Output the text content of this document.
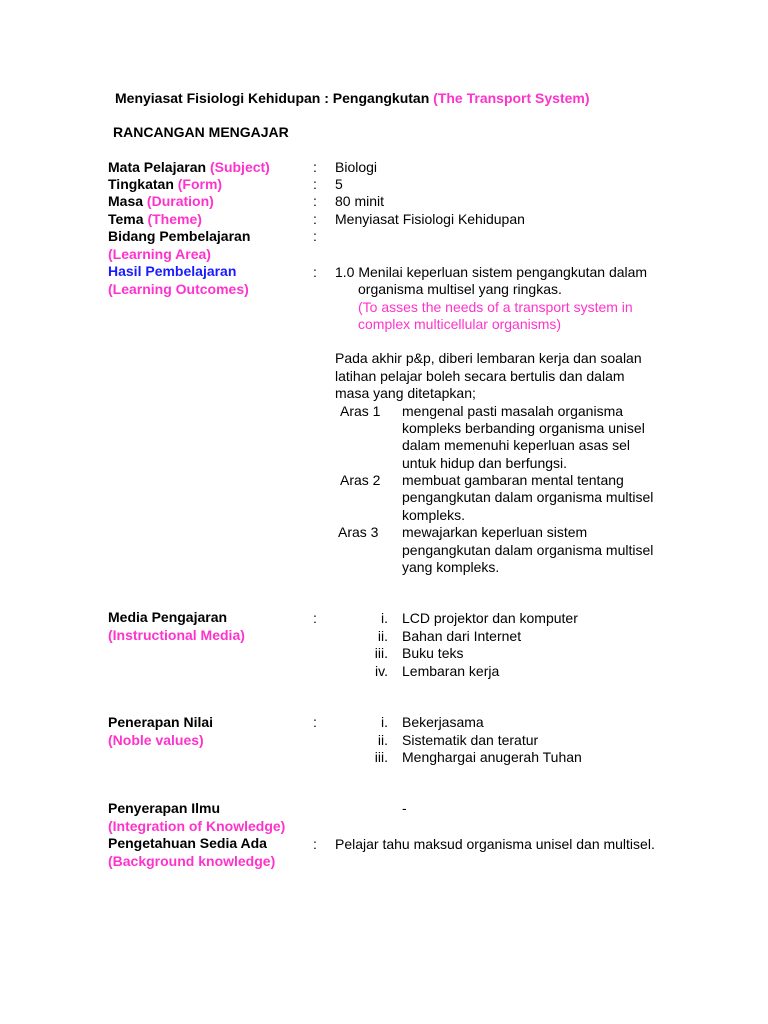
Menyiasat Fisiologi Kehidupan : Pengangkutan (The Transport System)
RANCANGAN MENGAJAR
Mata Pelajaran (Subject)	: Biologi
Tingkatan (Form)	: 5
Masa (Duration)	: 80 minit
Tema (Theme)	: Menyiasat Fisiologi Kehidupan
Bidang Pembelajaran	:
(Learning Area)
Hasil Pembelajaran	: 1.0 Menilai keperluan sistem pengangkutan dalam
(Learning Outcomes)	organisma multisel yang ringkas.
(To asses the needs of a transport system in
complex multicellular organisms)
Pada akhir p&p, diberi lembaran kerja dan soalan
latihan pelajar boleh secara bertulis dan dalam
masa yang ditetapkan;
Aras 1 mengenal pasti masalah organisma
kompleks berbanding organisma unisel
dalam memenuhi keperluan asas sel
untuk hidup dan berfungsi.
Aras 2 membuat gambaran mental tentang
pengangkutan dalam organisma multisel
kompleks.
Aras 3 mewajarkan keperluan sistem
pengangkutan dalam organisma multisel
yang kompleks.
Media Pengajaran	:
(Instructional Media)
i. LCD projektor dan komputer
ii. Bahan dari Internet
iii. Buku teks
iv. Lembaran kerja
Penerapan Nilai	:
(Noble values)
i. Bekerjasama
ii. Sistematik dan teratur
iii. Menghargai anugerah Tuhan
Penyerapan Ilmu	-
(Integration of Knowledge)
Pengetahuan Sedia Ada	: Pelajar tahu maksud organisma unisel dan multisel.
(Background knowledge)
